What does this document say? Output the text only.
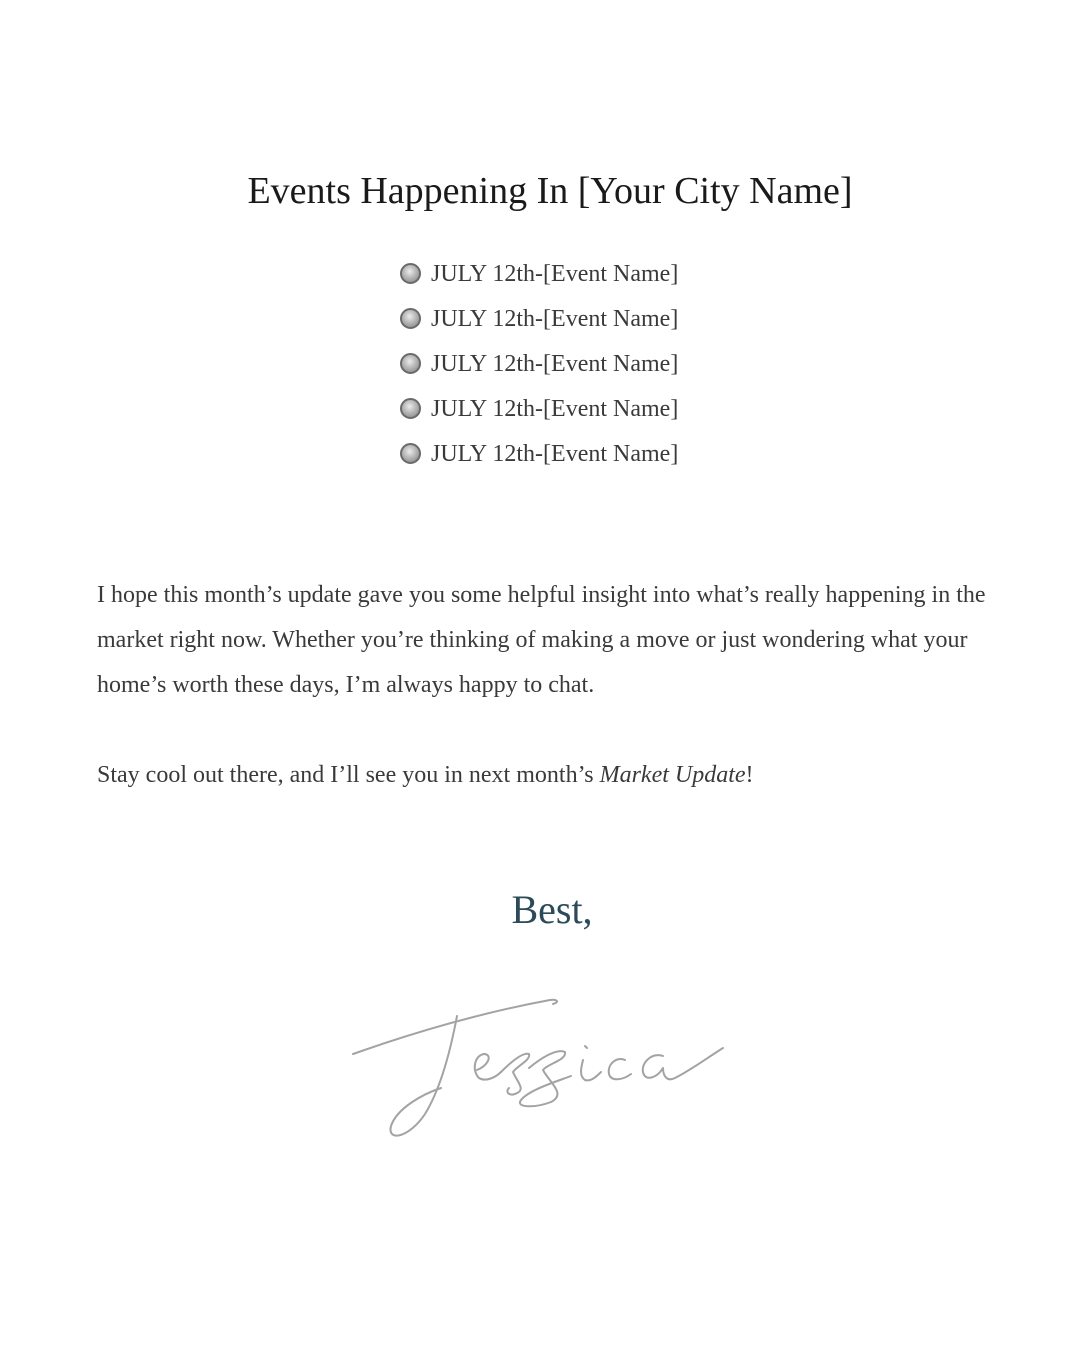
Events Happening In [Your City Name]
JULY 12th - [Event Name]
JULY 12th - [Event Name]
JULY 12th - [Event Name]
JULY 12th - [Event Name]
JULY 12th - [Event Name]

I hope this month’s update gave you some helpful insight into what’s really happening in the market right now. Whether you’re thinking of making a move or just wondering what your home’s worth these days, I’m always happy to chat.

Stay cool out there, and I’ll see you in next month’s Market Update!

Best,
